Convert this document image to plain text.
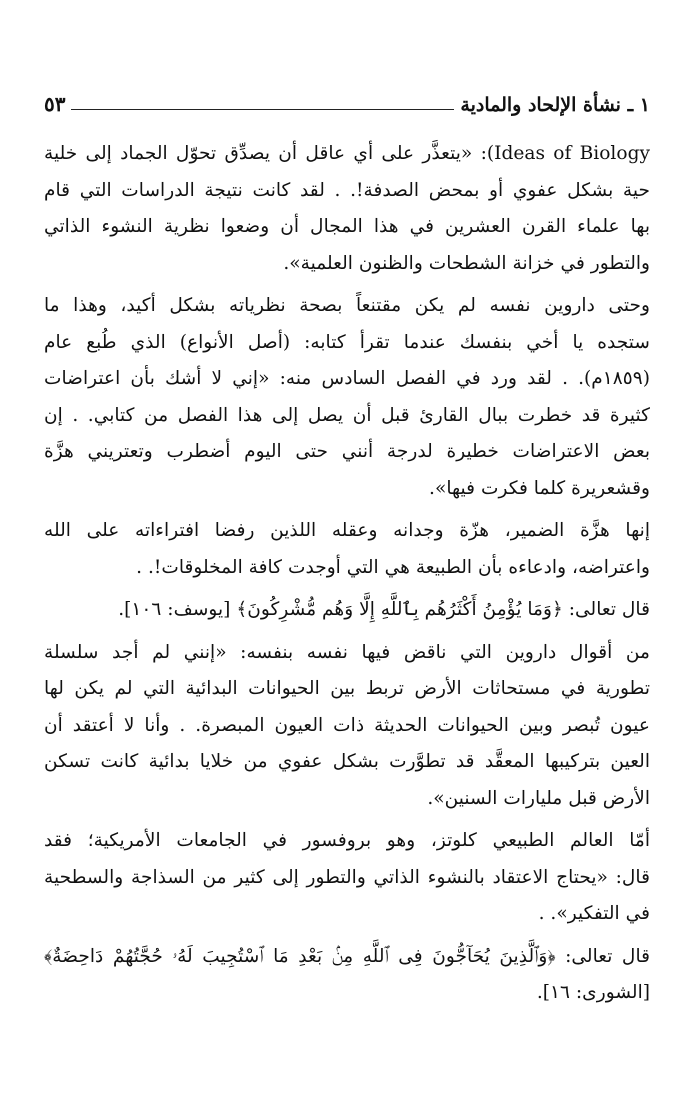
١ ـ نشأة الإلحاد والمادية
٥٣
Ideas of Biology): «يتعذَّر على أي عاقل أن يصدِّق تحوّل الجماد إلى خلية
حية بشكل عفوي أو بمحض الصدفة!. . لقد كانت نتيجة الدراسات التي قام
بها علماء القرن العشرين في هذا المجال أن وضعوا نظرية النشوء الذاتي
والتطور في خزانة الشطحات والظنون العلمية».
وحتى داروين نفسه لم يكن مقتنعاً بصحة نظرياته بشكل أكيد، وهذا ما
ستجده يا أخي بنفسك عندما تقرأ كتابه: (أصل الأنواع) الذي طُبع عام
(١٨٥٩م). . لقد ورد في الفصل السادس منه: «إني لا أشك بأن اعتراضات
كثيرة قد خطرت ببال القارئ قبل أن يصل إلى هذا الفصل من كتابي. . إن
بعض الاعتراضات خطيرة لدرجة أنني حتى اليوم أضطرب وتعتريني هزَّة
وقشعريرة كلما فكرت فيها».
إنها هزَّة الضمير، هزّة وجدانه وعقله اللذين رفضا افتراءاته على الله
واعتراضه، وادعاءه بأن الطبيعة هي التي أوجدت كافة المخلوقات!. .
قال تعالى: ﴿وَمَا يُؤْمِنُ أَكْثَرُهُم بِٱللَّهِ إِلَّا وَهُم مُّشْرِكُونَ﴾ [يوسف: ١٠٦].
من أقوال داروين التي ناقض فيها نفسه بنفسه: «إنني لم أجد سلسلة
تطورية في مستحاثات الأرض تربط بين الحيوانات البدائية التي لم يكن لها
عيون تُبصر وبين الحيوانات الحديثة ذات العيون المبصرة. . وأنا لا أعتقد أن
العين بتركيبها المعقَّد قد تطوَّرت بشكل عفوي من خلايا بدائية كانت تسكن
الأرض قبل مليارات السنين».
أمّا العالم الطبيعي كلوتز، وهو بروفسور في الجامعات الأمريكية؛ فقد
قال: «يحتاج الاعتقاد بالنشوء الذاتي والتطور إلى كثير من السذاجة والسطحية
في التفكير». .
قال تعالى: ﴿وَٱلَّذِينَ يُحَآجُّونَ فِى ٱللَّهِ مِنۢ بَعْدِ مَا ٱسْتُجِيبَ لَهُۥ حُجَّتُهُمْ دَاحِضَةٌ﴾
[الشورى: ١٦].
